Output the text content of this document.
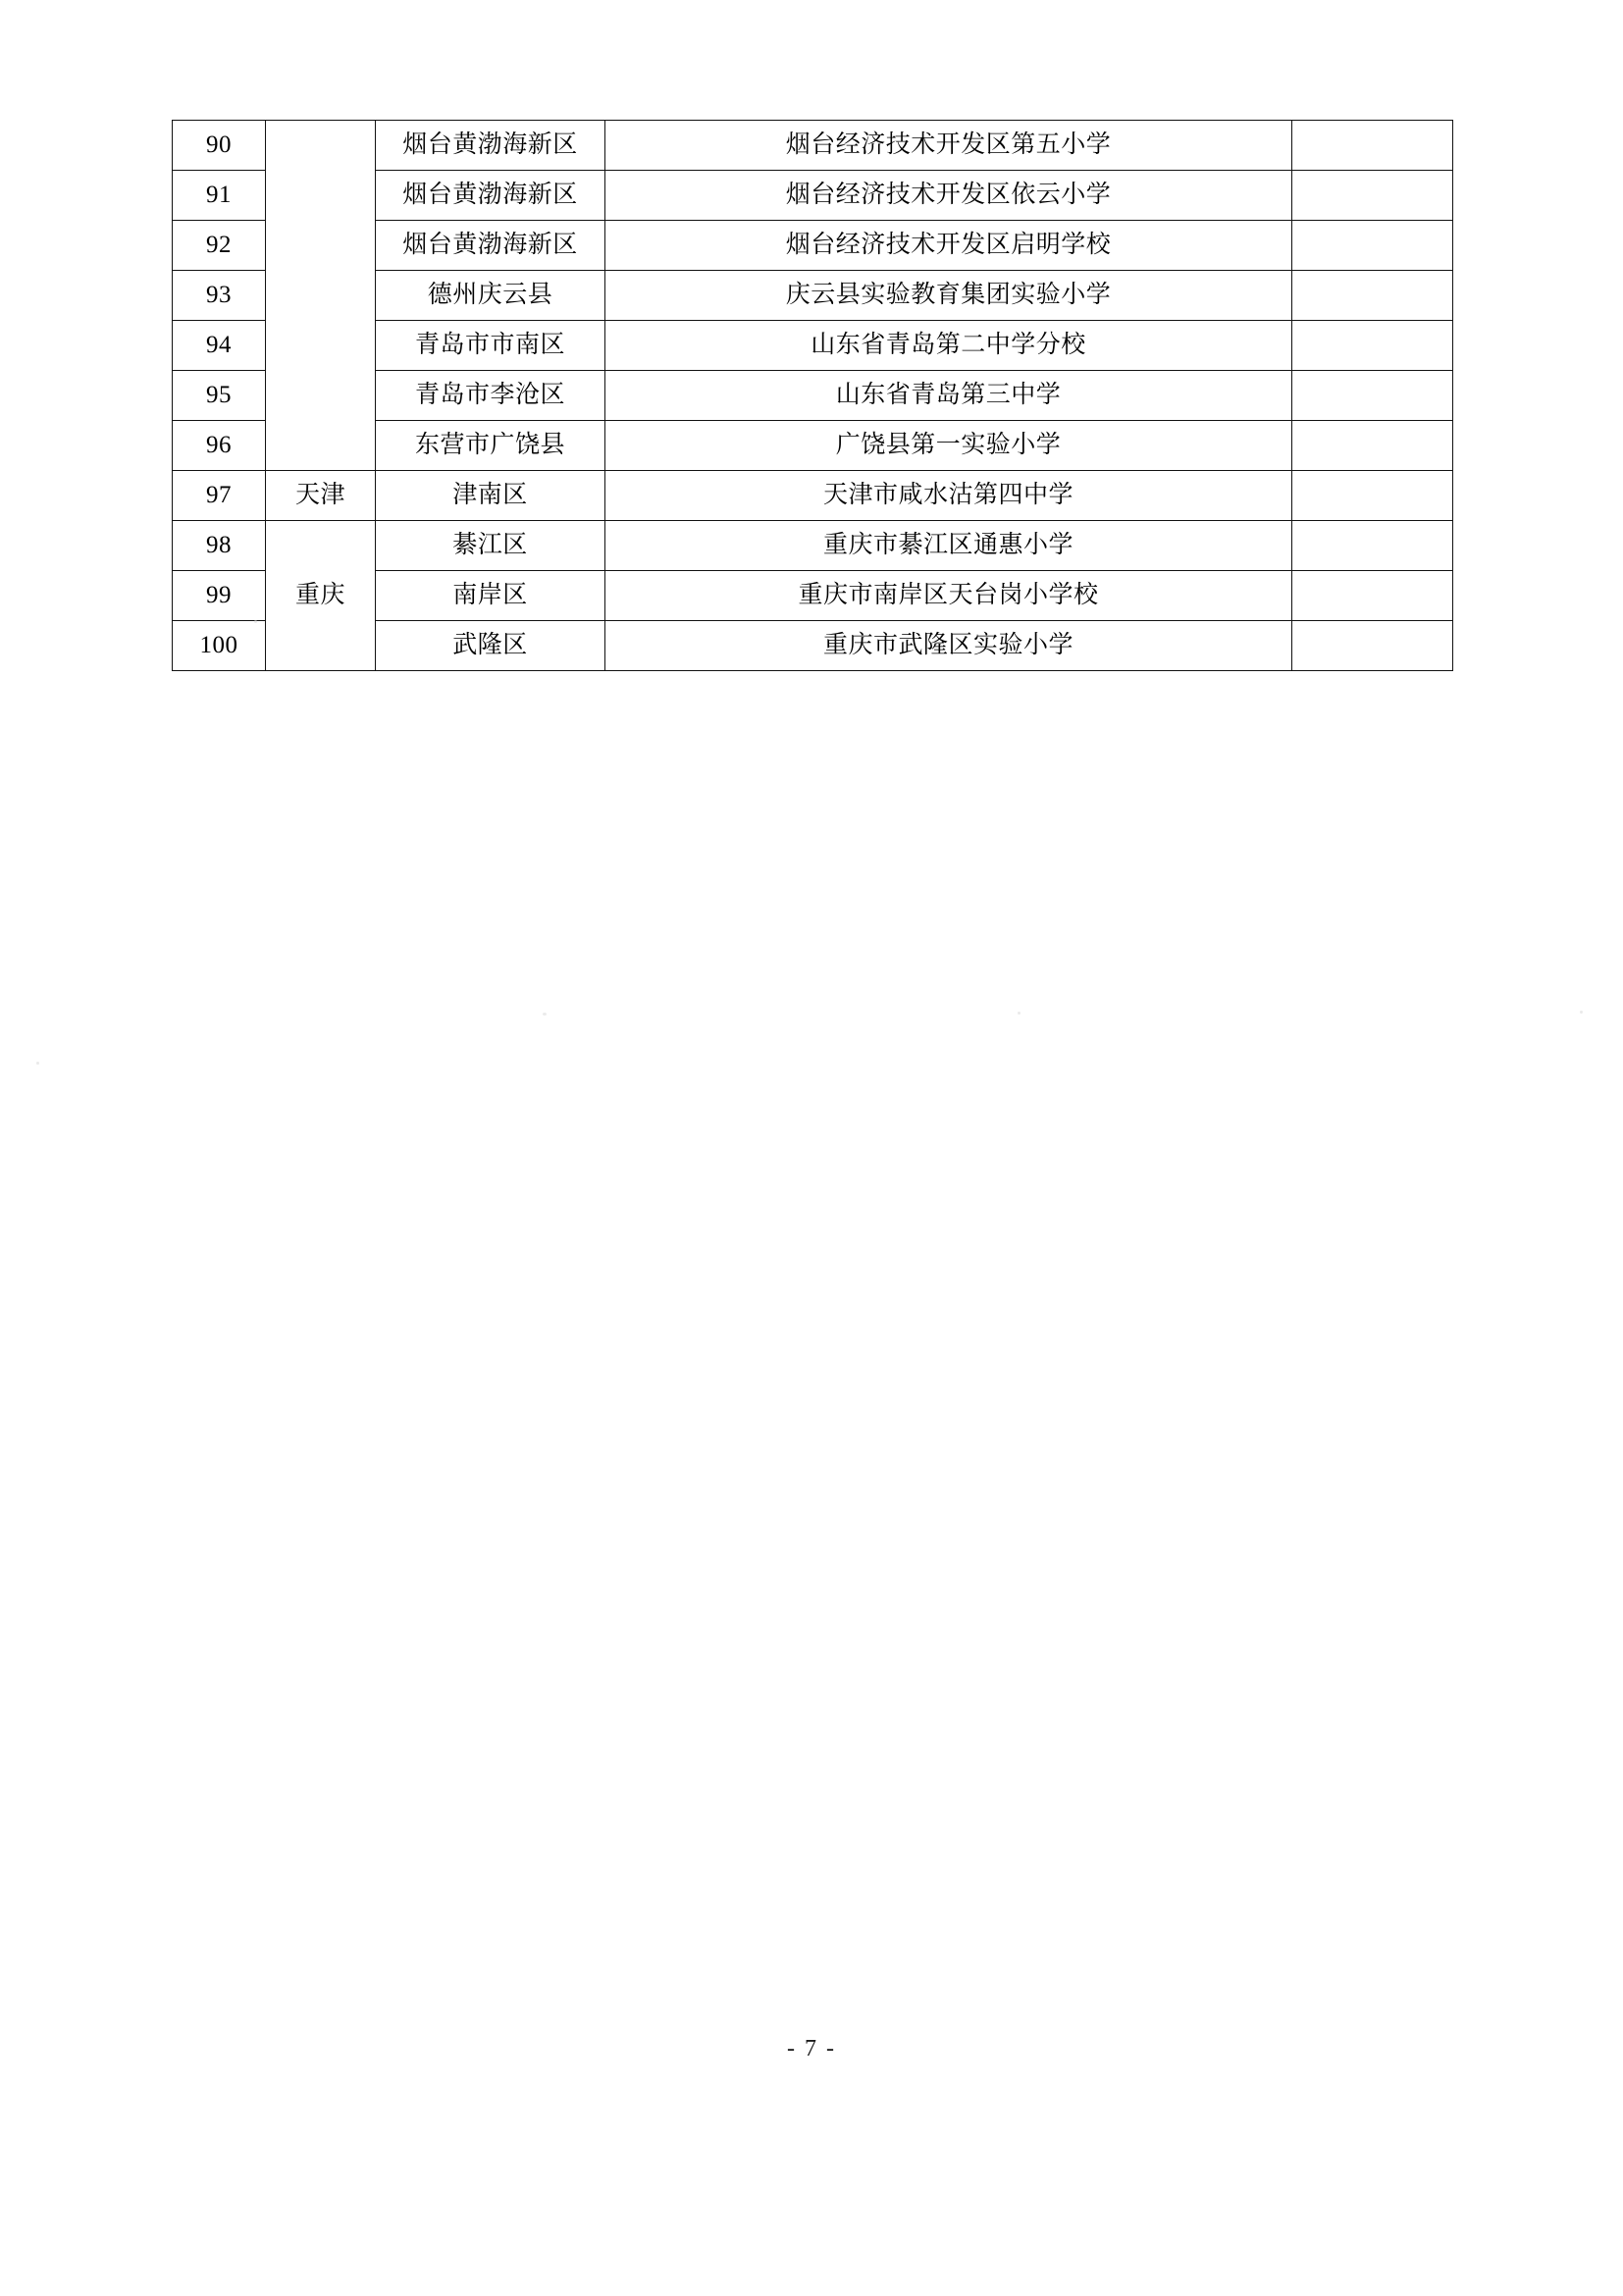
90		烟台黄渤海新区	烟台经济技术开发区第五小学	
91		烟台黄渤海新区	烟台经济技术开发区依云小学	
92		烟台黄渤海新区	烟台经济技术开发区启明学校	
93		德州庆云县	庆云县实验教育集团实验小学	
94		青岛市市南区	山东省青岛第二中学分校	
95		青岛市李沧区	山东省青岛第三中学	
96		东营市广饶县	广饶县第一实验小学	
97	天津	津南区	天津市咸水沽第四中学	
98	重庆	綦江区	重庆市綦江区通惠小学	
99		南岸区	重庆市南岸区天台岗小学校	
100		武隆区	重庆市武隆区实验小学	
- 7 -
